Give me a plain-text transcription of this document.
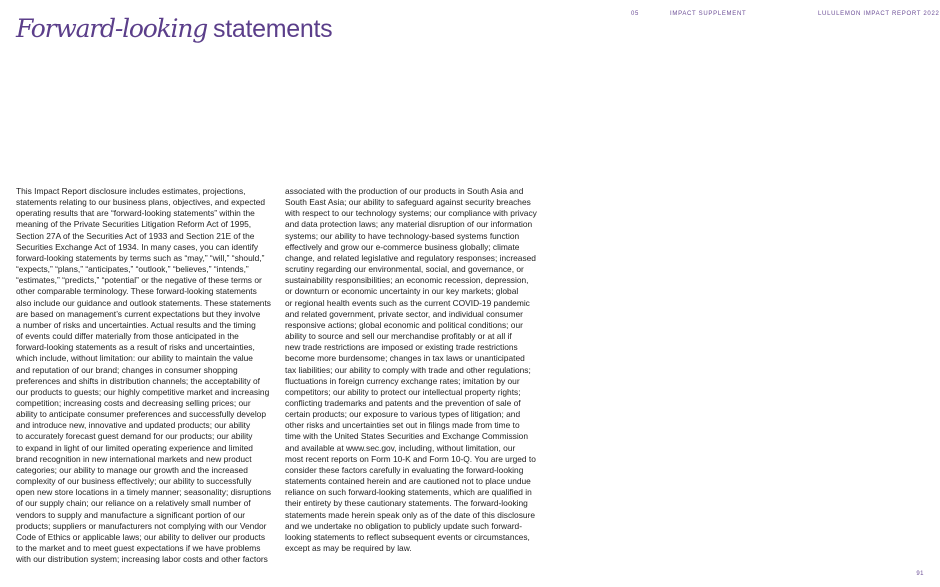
Forward-looking statements
05	IMPACT SUPPLEMENT	LULULEMON IMPACT REPORT 2022
This Impact Report disclosure includes estimates, projections,
statements relating to our business plans, objectives, and expected
operating results that are “forward-looking statements” within the
meaning of the Private Securities Litigation Reform Act of 1995,
Section 27A of the Securities Act of 1933 and Section 21E of the
Securities Exchange Act of 1934. In many cases, you can identify
forward-looking statements by terms such as “may,” “will,” “should,”
“expects,” “plans,” “anticipates,” “outlook,” “believes,” “intends,”
“estimates,” “predicts,” “potential” or the negative of these terms or
other comparable terminology. These forward-looking statements
also include our guidance and outlook statements. These statements
are based on management’s current expectations but they involve
a number of risks and uncertainties. Actual results and the timing
of events could differ materially from those anticipated in the
forward-looking statements as a result of risks and uncertainties,
which include, without limitation: our ability to maintain the value
and reputation of our brand; changes in consumer shopping
preferences and shifts in distribution channels; the acceptability of
our products to guests; our highly competitive market and increasing
competition; increasing costs and decreasing selling prices; our
ability to anticipate consumer preferences and successfully develop
and introduce new, innovative and updated products; our ability
to accurately forecast guest demand for our products; our ability
to expand in light of our limited operating experience and limited
brand recognition in new international markets and new product
categories; our ability to manage our growth and the increased
complexity of our business effectively; our ability to successfully
open new store locations in a timely manner; seasonality; disruptions
of our supply chain; our reliance on a relatively small number of
vendors to supply and manufacture a significant portion of our
products; suppliers or manufacturers not complying with our Vendor
Code of Ethics or applicable laws; our ability to deliver our products
to the market and to meet guest expectations if we have problems
with our distribution system; increasing labor costs and other factors
associated with the production of our products in South Asia and
South East Asia; our ability to safeguard against security breaches
with respect to our technology systems; our compliance with privacy
and data protection laws; any material disruption of our information
systems; our ability to have technology-based systems function
effectively and grow our e-commerce business globally; climate
change, and related legislative and regulatory responses; increased
scrutiny regarding our environmental, social, and governance, or
sustainability responsibilities; an economic recession, depression,
or downturn or economic uncertainty in our key markets; global
or regional health events such as the current COVID-19 pandemic
and related government, private sector, and individual consumer
responsive actions; global economic and political conditions; our
ability to source and sell our merchandise profitably or at all if
new trade restrictions are imposed or existing trade restrictions
become more burdensome; changes in tax laws or unanticipated
tax liabilities; our ability to comply with trade and other regulations;
fluctuations in foreign currency exchange rates; imitation by our
competitors; our ability to protect our intellectual property rights;
conflicting trademarks and patents and the prevention of sale of
certain products; our exposure to various types of litigation; and
other risks and uncertainties set out in filings made from time to
time with the United States Securities and Exchange Commission
and available at www.sec.gov, including, without limitation, our
most recent reports on Form 10-K and Form 10-Q. You are urged to
consider these factors carefully in evaluating the forward-looking
statements contained herein and are cautioned not to place undue
reliance on such forward-looking statements, which are qualified in
their entirety by these cautionary statements. The forward-looking
statements made herein speak only as of the date of this disclosure
and we undertake no obligation to publicly update such forward-
looking statements to reflect subsequent events or circumstances,
except as may be required by law.
91
